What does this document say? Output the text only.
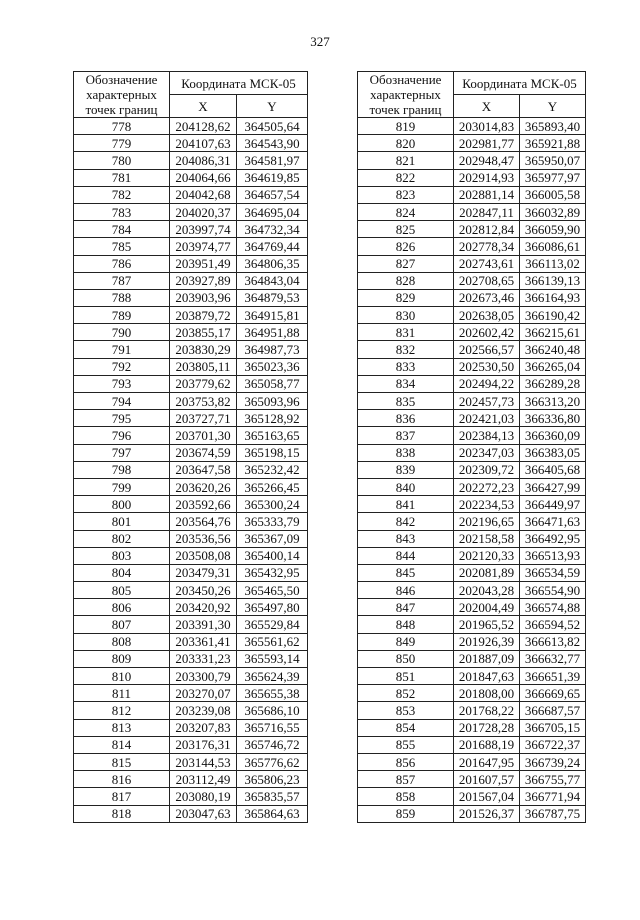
327
Обозначение характерных точек границ	Координата МСК-05	
	X	Y
778	204128,62	364505,64
779	204107,63	364543,90
780	204086,31	364581,97
781	204064,66	364619,85
782	204042,68	364657,54
783	204020,37	364695,04
784	203997,74	364732,34
785	203974,77	364769,44
786	203951,49	364806,35
787	203927,89	364843,04
788	203903,96	364879,53
789	203879,72	364915,81
790	203855,17	364951,88
791	203830,29	364987,73
792	203805,11	365023,36
793	203779,62	365058,77
794	203753,82	365093,96
795	203727,71	365128,92
796	203701,30	365163,65
797	203674,59	365198,15
798	203647,58	365232,42
799	203620,26	365266,45
800	203592,66	365300,24
801	203564,76	365333,79
802	203536,56	365367,09
803	203508,08	365400,14
804	203479,31	365432,95
805	203450,26	365465,50
806	203420,92	365497,80
807	203391,30	365529,84
808	203361,41	365561,62
809	203331,23	365593,14
810	203300,79	365624,39
811	203270,07	365655,38
812	203239,08	365686,10
813	203207,83	365716,55
814	203176,31	365746,72
815	203144,53	365776,62
816	203112,49	365806,23
817	203080,19	365835,57
818	203047,63	365864,63
Обозначение характерных точек границ	Координата МСК-05	
	X	Y
819	203014,83	365893,40
820	202981,77	365921,88
821	202948,47	365950,07
822	202914,93	365977,97
823	202881,14	366005,58
824	202847,11	366032,89
825	202812,84	366059,90
826	202778,34	366086,61
827	202743,61	366113,02
828	202708,65	366139,13
829	202673,46	366164,93
830	202638,05	366190,42
831	202602,42	366215,61
832	202566,57	366240,48
833	202530,50	366265,04
834	202494,22	366289,28
835	202457,73	366313,20
836	202421,03	366336,80
837	202384,13	366360,09
838	202347,03	366383,05
839	202309,72	366405,68
840	202272,23	366427,99
841	202234,53	366449,97
842	202196,65	366471,63
843	202158,58	366492,95
844	202120,33	366513,93
845	202081,89	366534,59
846	202043,28	366554,90
847	202004,49	366574,88
848	201965,52	366594,52
849	201926,39	366613,82
850	201887,09	366632,77
851	201847,63	366651,39
852	201808,00	366669,65
853	201768,22	366687,57
854	201728,28	366705,15
855	201688,19	366722,37
856	201647,95	366739,24
857	201607,57	366755,77
858	201567,04	366771,94
859	201526,37	366787,75
